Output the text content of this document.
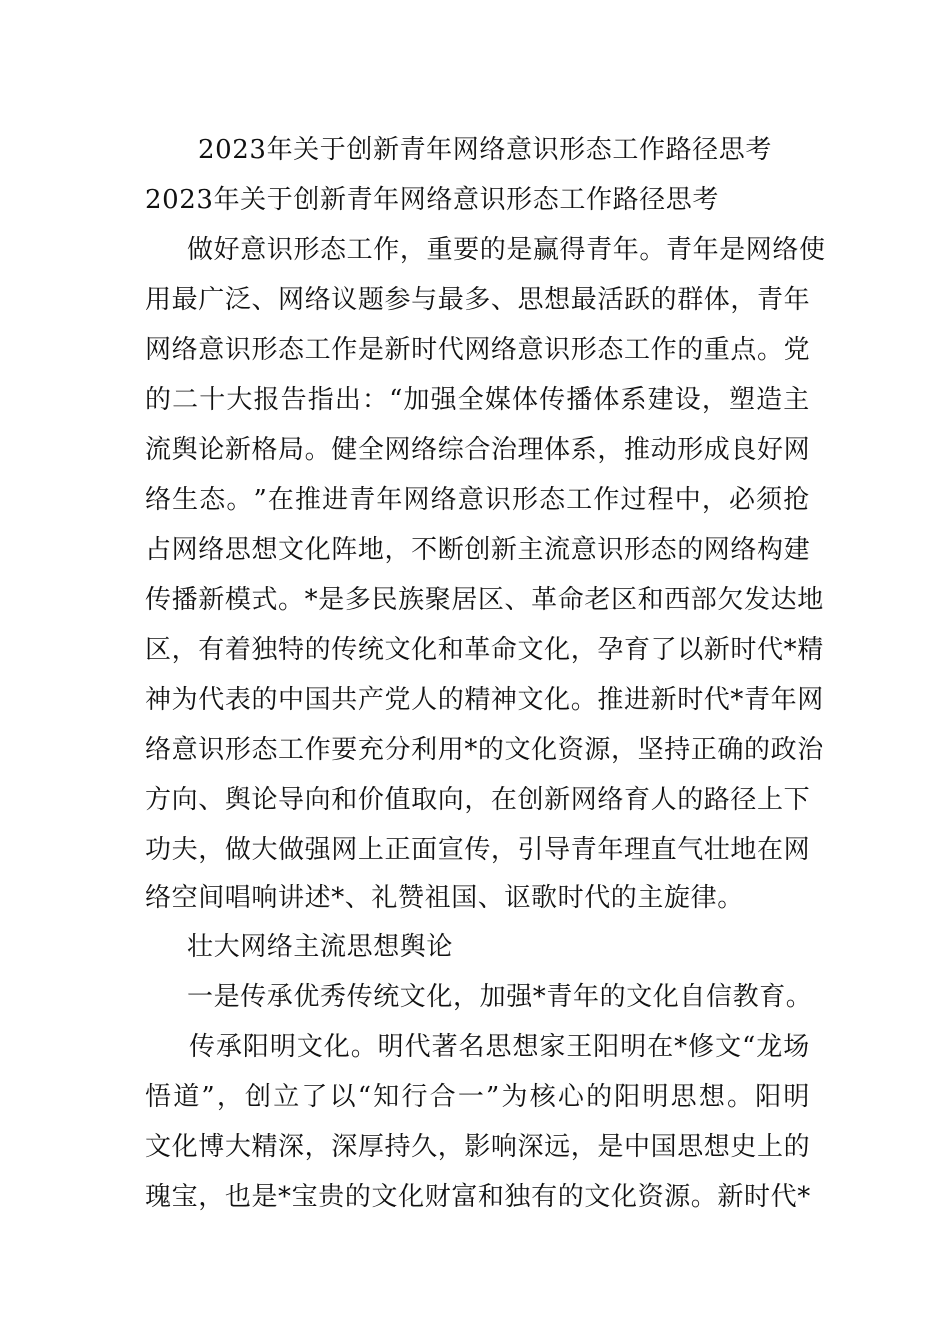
2023年关于创新青年网络意识形态工作路径思考
2023年关于创新青年网络意识形态工作路径思考
做 好 意 识 形 态 工 作 ， 重 要 的 是 赢 得 青 年 。 青 年 是 网 络 使
用 最 广 泛 、 网 络 议 题 参 与 最 多 、 思 想 最 活 跃 的 群 体 ， 青 年
网 络 意 识 形 态 工 作 是 新 时 代 网 络 意 识 形 态 工 作 的 重 点 。 党
的 二 十 大 报 告 指 出 ： “ 加 强 全 媒 体 传 播 体 系 建 设 ， 塑 造 主
流 舆 论 新 格 局 。 健 全 网 络 综 合 治 理 体 系 ， 推 动 形 成 良 好 网
络 生 态 。 ” 在 推 进 青 年 网 络 意 识 形 态 工 作 过 程 中 ， 必 须 抢
占 网 络 思 想 文 化 阵 地 ， 不 断 创 新 主 流 意 识 形 态 的 网 络 构 建
传 播 新 模 式 。 * 是 多 民 族 聚 居 区 、 革 命 老 区 和 西 部 欠 发 达 地
区 ， 有 着 独 特 的 传 统 文 化 和 革 命 文 化 ， 孕 育 了 以 新 时 代 * 精
神 为 代 表 的 中 国 共 产 党 人 的 精 神 文 化 。 推 进 新 时 代 * 青 年 网
络 意 识 形 态 工 作 要 充 分 利 用 * 的 文 化 资 源 ， 坚 持 正 确 的 政 治
方 向 、 舆 论 导 向 和 价 值 取 向 ， 在 创 新 网 络 育 人 的 路 径 上 下
功 夫 ， 做 大 做 强 网 上 正 面 宣 传 ， 引 导 青 年 理 直 气 壮 地 在 网
络空间唱响讲述*、礼赞祖国、讴歌时代的主旋律。
壮大网络主流思想舆论
一是传承优秀传统文化，加强*青年的文化自信教育。
传 承 阳 明 文 化 。 明 代 著 名 思 想 家 王 阳 明 在 * 修 文 “ 龙 场
悟 道 ” ， 创 立 了 以 “ 知 行 合 一 ” 为 核 心 的 阳 明 思 想 。 阳 明
文 化 博 大 精 深 ， 深 厚 持 久 ， 影 响 深 远 ， 是 中 国 思 想 史 上 的
瑰 宝 ， 也 是 * 宝 贵 的 文 化 财 富 和 独 有 的 文 化 资 源 。 新 时 代 *
